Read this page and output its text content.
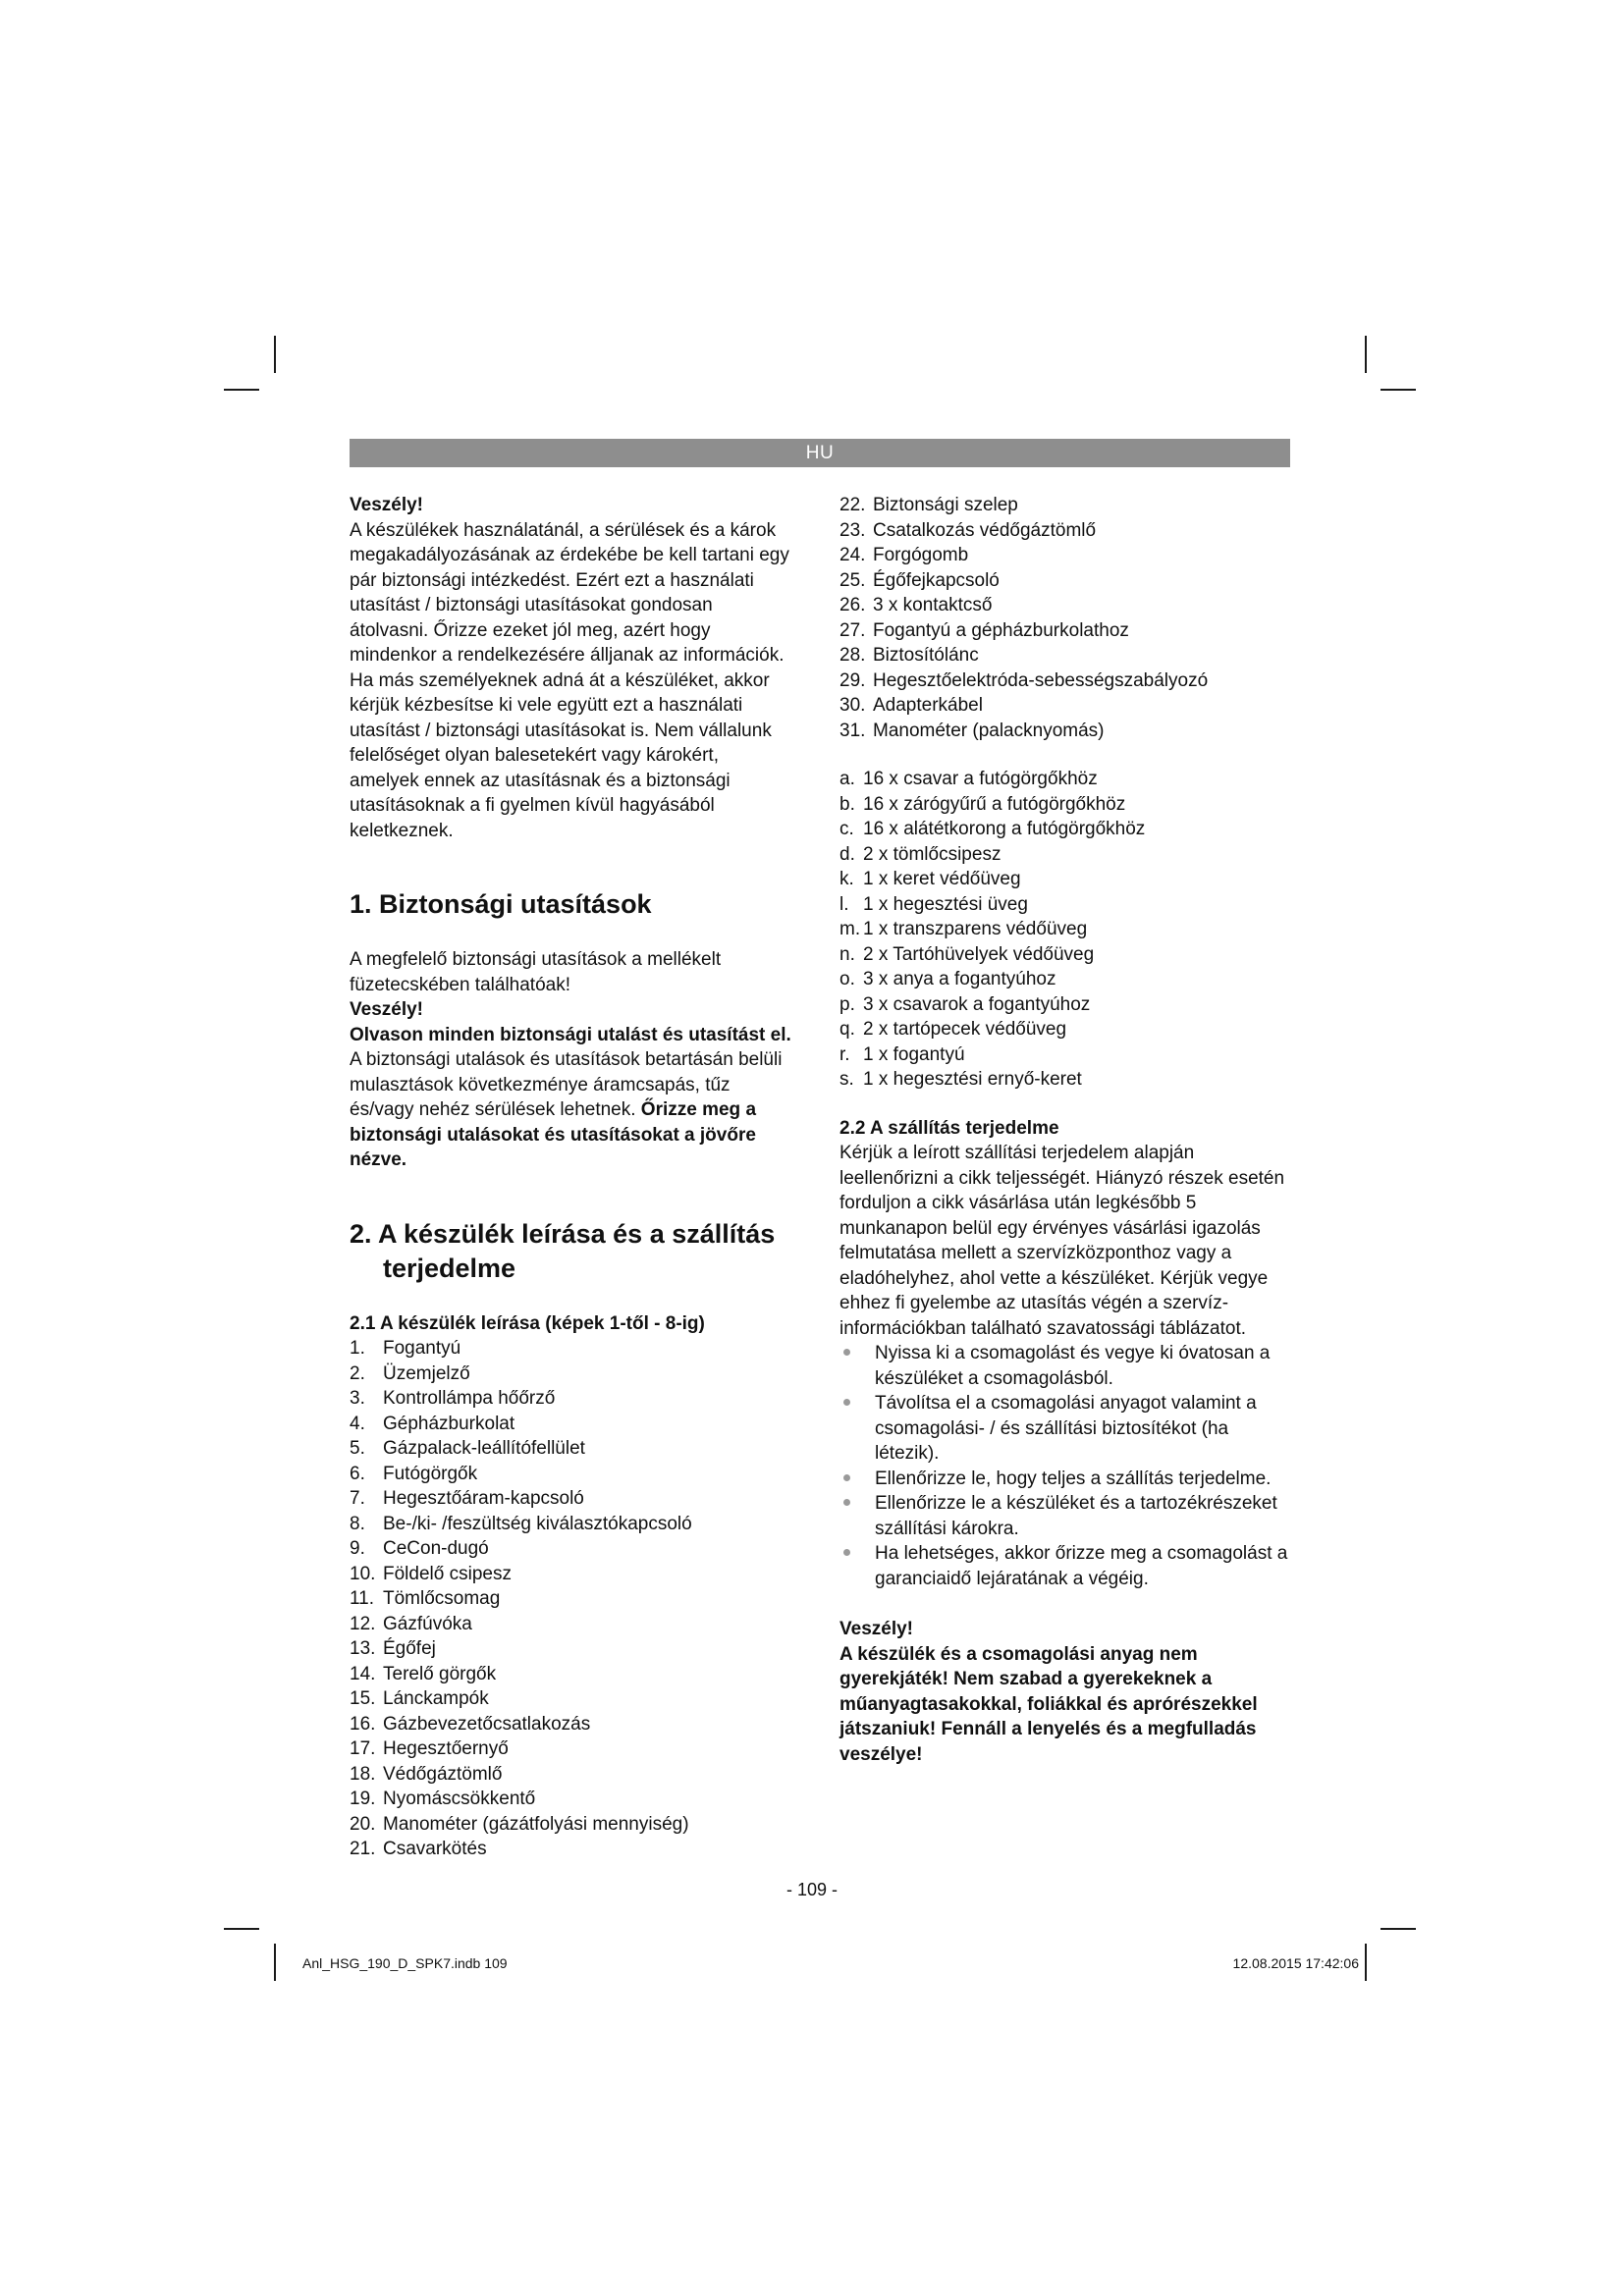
HU

Veszély!

A készülékek használatánál, a sérülések és a károk megakadályozásának az érdekébe be kell tartani egy pár biztonsági intézkedést. Ezért ezt a használati utasítást / biztonsági utasításokat gondosan átolvasni. Őrizze ezeket jól meg, azért hogy mindenkor a rendelkezésére álljanak az információk. Ha más személyeknek adná át a készüléket, akkor kérjük kézbesítse ki vele együtt ezt a használati utasítást / biztonsági utasításokat is. Nem vállalunk felelőséget olyan balesetekért vagy károkért, amelyek ennek az utasításnak és a biztonsági utasításoknak a fi gyelmen kívül hagyásából keletkeznek.

1. Biztonsági utasítások

A megfelelő biztonsági utasítások a mellékelt füzetecskében találhatóak!

Veszély!

Olvason minden biztonsági utalást és utasítást el. A biztonsági utalások és utasítások betartásán belüli mulasztások következménye áramcsapás, tűz és/vagy nehéz sérülések lehetnek. Őrizze meg a biztonsági utalásokat és utasításokat a jövőre nézve.

2. A készülék leírása és a szállítás terjedelme
2.1 A készülék leírása (képek 1-től - 8-ig)
1. Fogantyú
2. Üzemjelző
3. Kontrollámpa hőőrző
4. Gépházburkolat
5. Gázpalack-leállítófellület
6. Futógörgők
7. Hegesztőáram-kapcsoló
8. Be-/ki- /feszültség kiválasztókapcsoló
9. CeCon-dugó
10. Földelő csipesz
11. Tömlőcsomag
12. Gázfúvóka
13. Égőfej
14. Terelő görgők
15. Lánckampók
16. Gázbevezetőcsatlakozás
17. Hegesztőernyő
18. Védőgáztömlő
19. Nyomáscsökkentő
20. Manométer (gázátfolyási mennyiség)
21. Csavarkötés
22. Biztonsági szelep
23. Csatalkozás védőgáztömlő
24. Forgógomb
25. Égőfejkapcsoló
26. 3 x kontaktcső
27. Fogantyú a gépházburkolathoz
28. Biztosítólánc
29. Hegesztőelektróda-sebességszabályozó
30. Adapterkábel
31. Manométer (palacknyomás)
a. 16 x csavar a futógörgőkhöz
b. 16 x zárógyűrű a futógörgőkhöz
c. 16 x alátétkorong a futógörgőkhöz
d. 2 x tömlőcsipesz
k. 1 x keret védőüveg
l. 1 x hegesztési üveg
m. 1 x transzparens védőüveg
n. 2 x Tartóhüvelyek védőüveg
o. 3 x anya a fogantyúhoz
p. 3 x csavarok a fogantyúhoz
q. 2 x tartópecek védőüveg
r. 1 x fogantyú
s. 1 x hegesztési ernyő-keret
2.2 A szállítás terjedelme

Kérjük a leírott szállítási terjedelem alapján leellenőrizni a cikk teljességét. Hiányzó részek esetén forduljon a cikk vásárlása után legkésőbb 5 munkanapon belül egy érvényes vásárlási igazolás felmutatása mellett a szervízközponthoz vagy a eladóhelyhez, ahol vette a készüléket. Kérjük vegye ehhez fi gyelembe az utasítás végén a szervíz-információkban található szavatossági táblázatot.

Nyissa ki a csomagolást és vegye ki óvatosan a készüléket a csomagolásból.
Távolítsa el a csomagolási anyagot valamint a csomagolási- / és szállítási biztosítékot (ha létezik).
Ellenőrizze le, hogy teljes a szállítás terjedelme.
Ellenőrizze le a készüléket és a tartozékrészeket szállítási károkra.
Ha lehetséges, akkor őrizze meg a csomagolást a garanciaidő lejáratának a végéig.

Veszély!

A készülék és a csomagolási anyag nem gyerekjáték! Nem szabad a gyerekeknek a műanyagtasakokkal, foliákkal és aprórészekkel játszaniuk! Fennáll a lenyelés és a megfulladás veszélye!

- 109 -
Anl_HSG_190_D_SPK7.indb 109	12.08.2015 17:42:06
